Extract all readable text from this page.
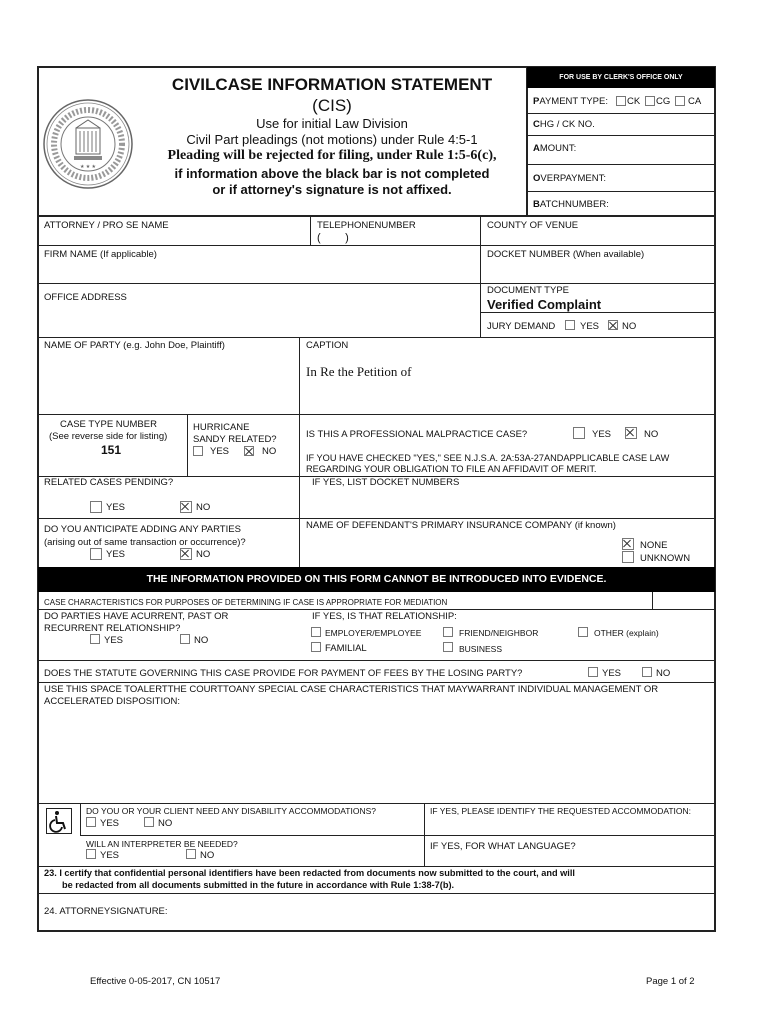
★ ★ ★
CIVILCASE INFORMATION STATEMENT
(CIS)
Use for initial Law Division
Civil Part pleadings (not motions) under Rule 4:5-1
Pleading will be rejected for filing, under Rule 1:5-6(c),
if information above the black bar is not completed
or if attorney's signature is not affixed.
FOR USE BY CLERK'S OFFICE ONLY
PAYMENT TYPE: CK CG CA
CHG / CK NO.
AMOUNT:
OVERPAYMENT:
BATCHNUMBER:
ATTORNEY / PRO SE NAME	TELEPHONENUMBER
(        )
COUNTY OF VENUE
FIRM NAME (If applicable)	DOCKET NUMBER (When available)
OFFICE ADDRESS
DOCUMENT TYPE
Verified Complaint
JURY DEMAND	YES NO
NAME OF PARTY (e.g. John Doe, Plaintiff)	CAPTION
In Re the Petition of
CASE TYPE NUMBER
(See reverse side for listing)
151
HURRICANE
SANDY RELATED?
YES	NO
IS THIS A PROFESSIONAL MALPRACTICE CASE?	YES	NO
IF YOU HAVE CHECKED "YES," SEE N.J.S.A. 2A:53A-27ANDAPPLICABLE CASE LAW
REGARDING YOUR OBLIGATION TO FILE AN AFFIDAVIT OF MERIT.
RELATED CASES PENDING?	IF YES, LIST DOCKET NUMBERS
YES	NO
DO YOU ANTICIPATE ADDING ANY PARTIES
(arising out of same transaction or occurrence)?
YES	NO
NAME OF DEFENDANT'S PRIMARY INSURANCE COMPANY (if known)
NONE
UNKNOWN
THE INFORMATION PROVIDED ON THIS FORM CANNOT BE INTRODUCED INTO EVIDENCE.
CASE CHARACTERISTICS FOR PURPOSES OF DETERMINING IF CASE IS APPROPRIATE FOR MEDIATION
DO PARTIES HAVE ACURRENT, PAST OR
RECURRENT RELATIONSHIP?
YES	NO
IF YES, IS THAT RELATIONSHIP:
EMPLOYER/EMPLOYEE	FRIEND/NEIGHBOR	OTHER (explain)
FAMILIAL	BUSINESS
DOES THE STATUTE GOVERNING THIS CASE PROVIDE FOR PAYMENT OF FEES BY THE LOSING PARTY?	YES	NO
USE THIS SPACE TOALERTTHE COURTTOANY SPECIAL CASE CHARACTERISTICS THAT MAYWARRANT INDIVIDUAL MANAGEMENT OR
ACCELERATED DISPOSITION:
DO YOU OR YOUR CLIENT NEED ANY DISABILITY ACCOMMODATIONS?
YES	NO
IF YES, PLEASE IDENTIFY THE REQUESTED ACCOMMODATION:
WILL AN INTERPRETER BE NEEDED?
YES	NO
IF YES, FOR WHAT LANGUAGE?
23. I certify that confidential personal identifiers have been redacted from documents now submitted to the court, and will
be redacted from all documents submitted in the future in accordance with Rule 1:38-7(b).
24. ATTORNEYSIGNATURE:
Effective 0-05-2017, CN 10517	Page 1 of 2
